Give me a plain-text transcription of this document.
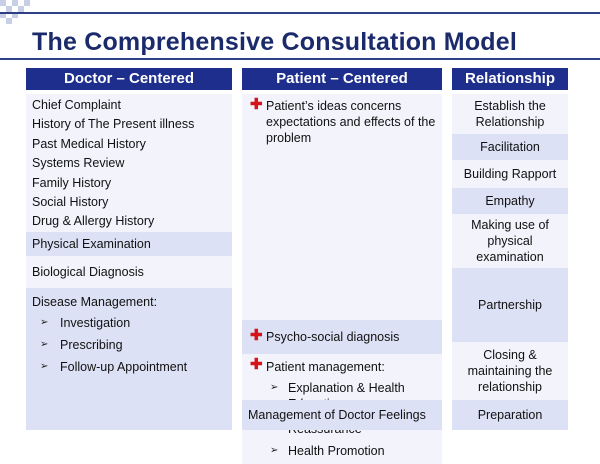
The Comprehensive Consultation Model
Doctor – Centered
Chief Complaint
History of The Present illness
Past Medical History
Systems Review
Family History
Social History
Drug & Allergy History
Physical Examination
Biological Diagnosis
Disease Management:
➢ Investigation
➢ Prescribing
➢ Follow-up Appointment
Patient – Centered
✚ Patient’s ideas concerns expectations and effects of the problem
✚ Psycho-social diagnosis
✚ Patient management:
➢ Explanation & Health
➢
➢ Health Promotion
Management of Doctor Feelings
Relationship
Establish the Relationship
Facilitation
Building Rapport
Empathy
Making use of physical examination
Partnership
Closing & maintaining the relationship
Preparation
